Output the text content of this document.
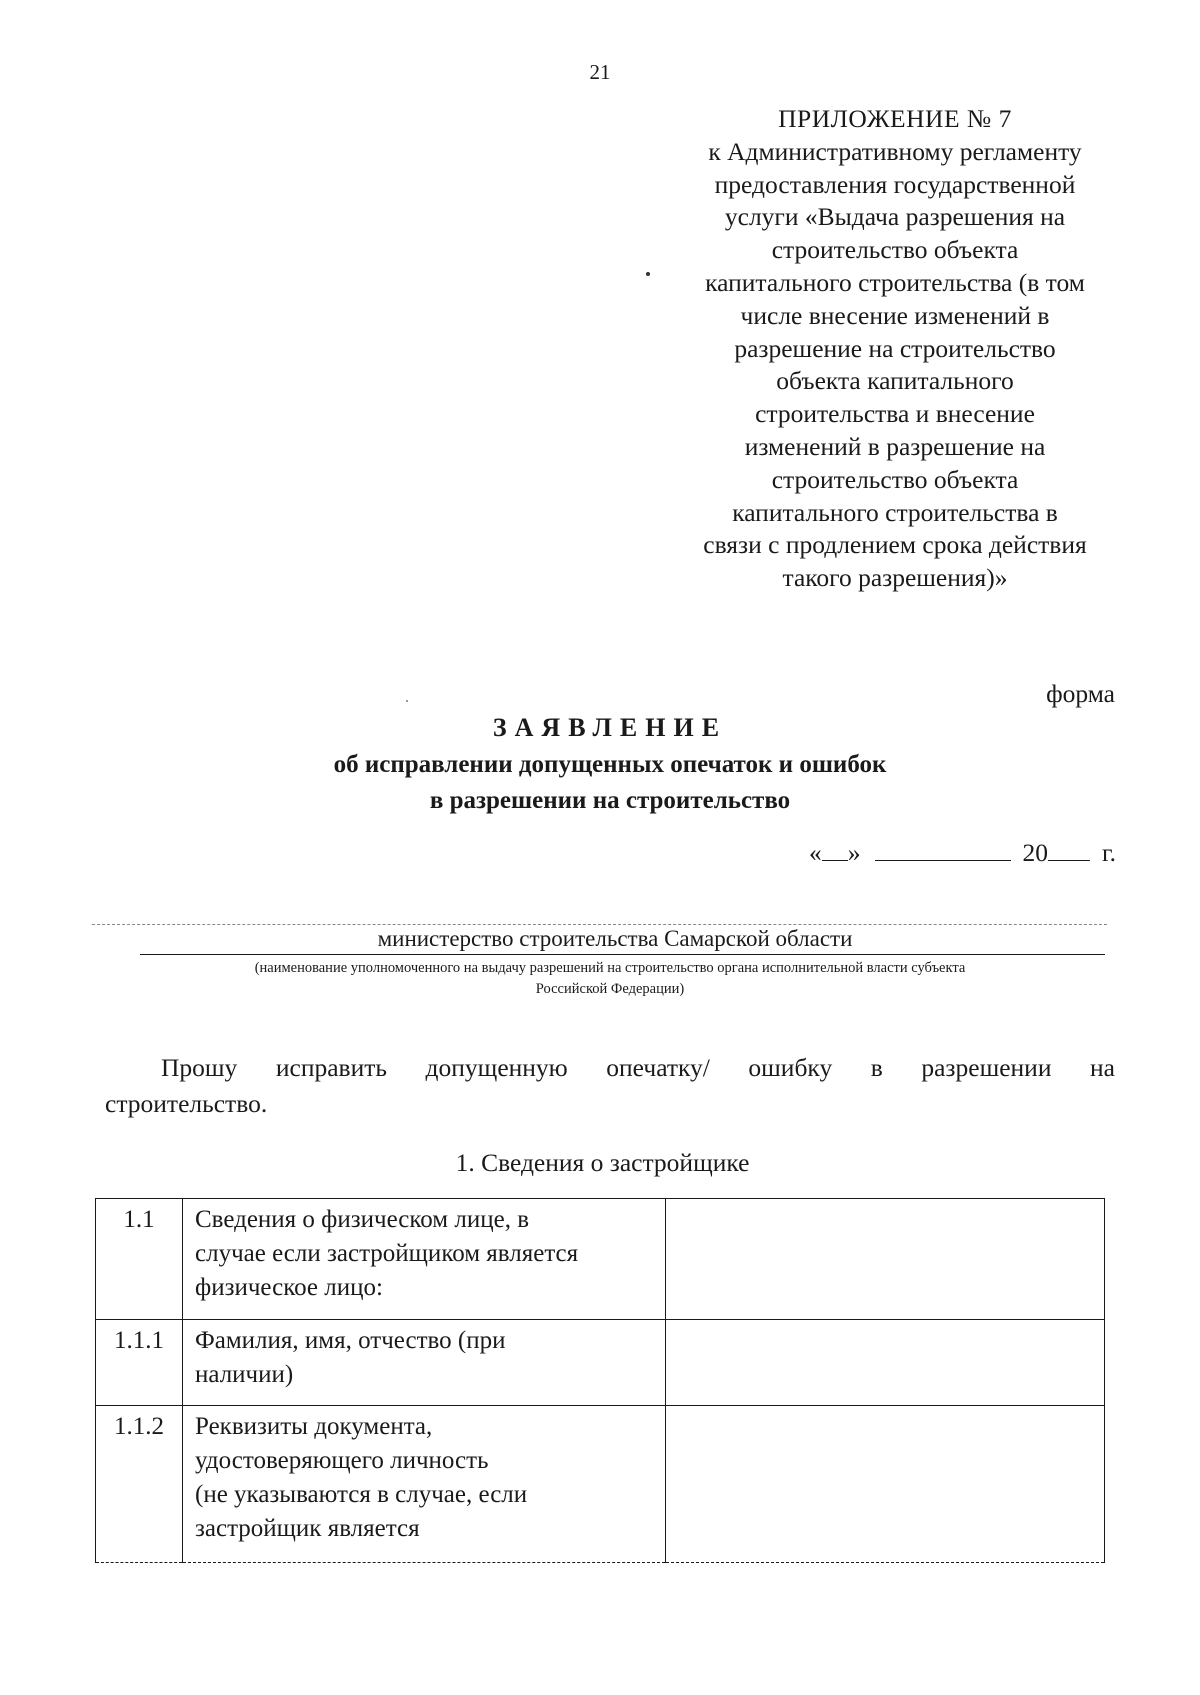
21
ПРИЛОЖЕНИЕ № 7
к Административному регламенту
предоставления государственной
услуги «Выдача разрешения на
строительство объекта
капитального строительства (в том
числе внесение изменений в
разрешение на строительство
объекта капитального
строительства и внесение
изменений в разрешение на
строительство объекта
капитального строительства в
связи с продлением срока действия
такого разрешения)»
форма
ЗАЯВЛЕНИЕ
об исправлении допущенных опечаток и ошибок
в разрешении на строительство
« »	20 г.
министерство строительства Самарской области
(наименование уполномоченного на выдачу разрешений на строительство органа исполнительной власти субъекта
Российской Федерации)
Прошу исправить допущенную опечатку/ ошибку в разрешении на
строительство.
1. Сведения о застройщике
1.1	Сведения о физическом лице, в
случае если застройщиком является
физическое лицо:	

1.1.1	Фамилия, имя, отчество (при
наличии)	

1.1.2	Реквизиты документа,
удостоверяющего личность
(не указываются в случае, если
застройщик является	
